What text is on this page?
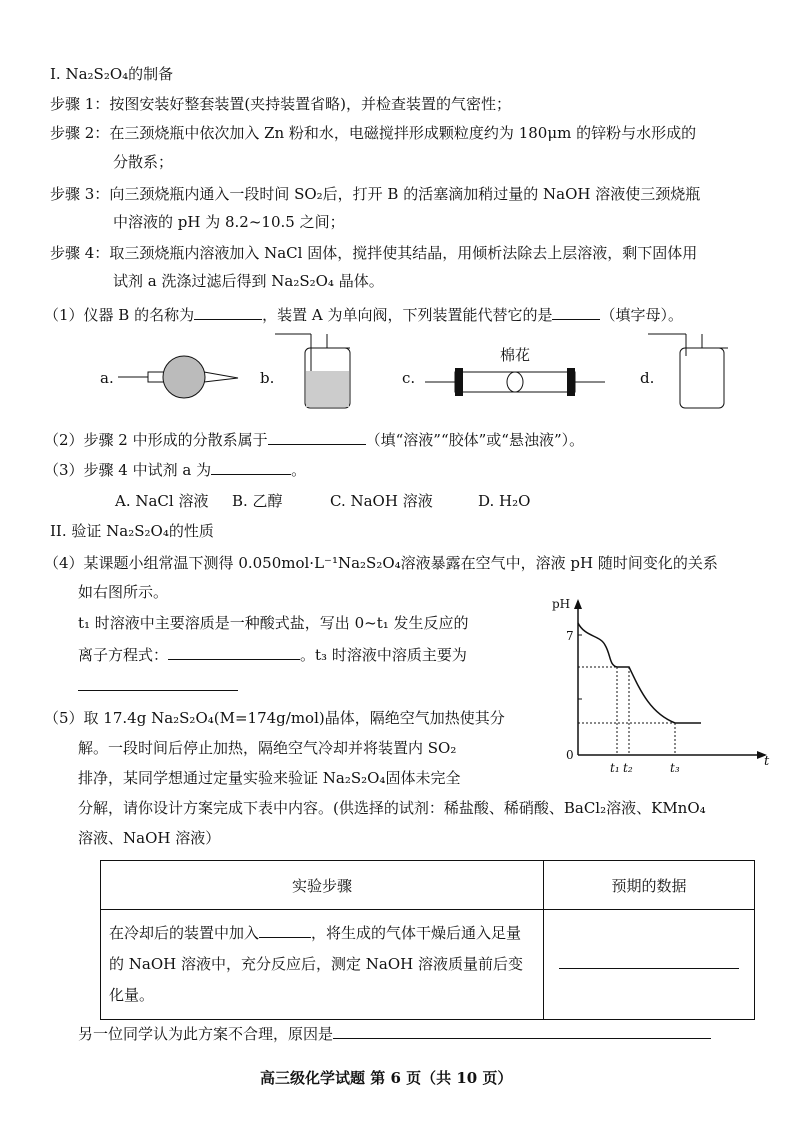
I. Na₂S₂O₄的制备
步骤 1：按图安装好整套装置(夹持装置省略)，并检查装置的气密性；
步骤 2：在三颈烧瓶中依次加入 Zn 粉和水，电磁搅拌形成颗粒度约为 180μm 的锌粉与水形成的
分散系；
步骤 3：向三颈烧瓶内通入一段时间 SO₂后，打开 B 的活塞滴加稍过量的 NaOH 溶液使三颈烧瓶
中溶液的 pH 为 8.2~10.5 之间；
步骤 4：取三颈烧瓶内溶液加入 NaCl 固体，搅拌使其结晶，用倾析法除去上层溶液，剩下固体用
试剂 a 洗涤过滤后得到 Na₂S₂O₄ 晶体。
（1）仪器 B 的名称为	，装置 A 为单向阀，下列装置能代替它的是	（填字母）。
a.	b.	c.
棉花
d.
（2）步骤 2 中形成的分散系属于	（填“溶液”“胶体”或“悬浊液”）。
（3）步骤 4 中试剂 a 为	。
A. NaCl 溶液 B. 乙醇	C. NaOH 溶液	D. H₂O
II. 验证 Na₂S₂O₄的性质
（4）某课题小组常温下测得 0.050mol·L⁻¹Na₂S₂O₄溶液暴露在空气中，溶液 pH 随时间变化的关系
如右图所示。
t₁ 时溶液中主要溶质是一种酸式盐，写出 0~t₁ 发生反应的
离子方程式：	。t₃ 时溶液中溶质主要为
（5）取 17.4g Na₂S₂O₄(M=174g/mol)晶体，隔绝空气加热使其分
解。一段时间后停止加热，隔绝空气冷却并将装置内 SO₂
排净，某同学想通过定量实验来验证 Na₂S₂O₄固体未完全
分解，请你设计方案完成下表中内容。(供选择的试剂：稀盐酸、稀硝酸、BaCl₂溶液、KMnO₄
溶液、NaOH 溶液）
pH
7
0
t₁ t₂	t₃	t
实验步骤	预期的数据
在冷却后的装置中加入 ，将生成的气体干燥后通入足量的 NaOH 溶液中，充分反应后，测定 NaOH 溶液质量前后变化量。	
另一位同学认为此方案不合理，原因是
高三级化学试题 第 6 页（共 10 页）
